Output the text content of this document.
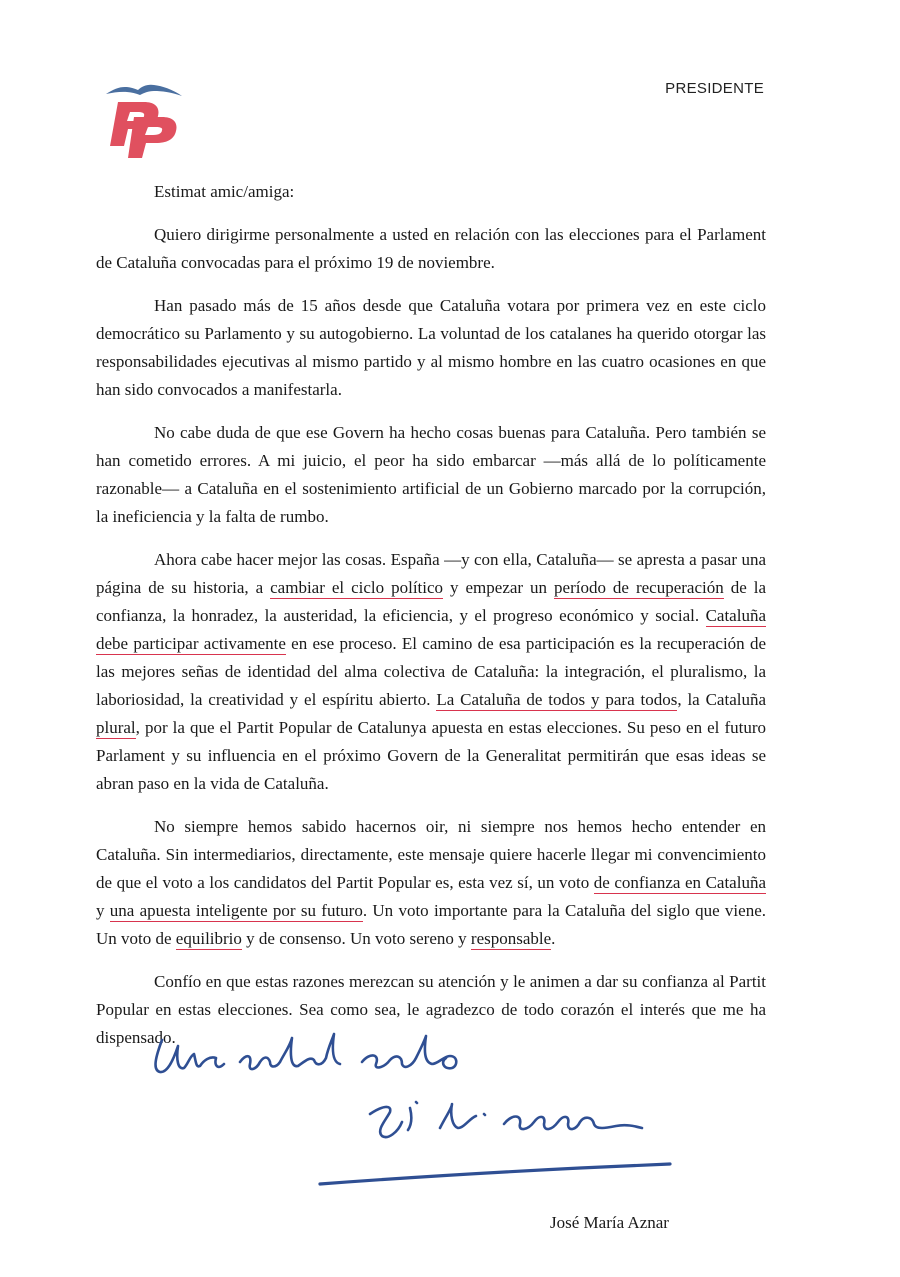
PRESIDENTE

Estimat amic/amiga:

Quiero dirigirme personalmente a usted en relación con las elecciones para el Parlament de Cataluña convocadas para el próximo 19 de noviembre.

Han pasado más de 15 años desde que Cataluña votara por primera vez en este ciclo democrático su Parlamento y su autogobierno. La voluntad de los catalanes ha querido otorgar las responsabilidades ejecutivas al mismo partido y al mismo hombre en las cuatro ocasiones en que han sido convocados a manifestarla.

No cabe duda de que ese Govern ha hecho cosas buenas para Cataluña. Pero también se han cometido errores. A mi juicio, el peor ha sido embarcar —más allá de lo políticamente razonable— a Cataluña en el sostenimiento artificial de un Gobierno marcado por la corrupción, la ineficiencia y la falta de rumbo.

Ahora cabe hacer mejor las cosas. España —y con ella, Cataluña— se apresta a pasar una página de su historia, a cambiar el ciclo político y empezar un período de recuperación de la confianza, la honradez, la austeridad, la eficiencia, y el progreso económico y social. Cataluña debe participar activamente en ese proceso. El camino de esa participación es la recuperación de las mejores señas de identidad del alma colectiva de Cataluña: la integración, el pluralismo, la laboriosidad, la creatividad y el espíritu abierto. La Cataluña de todos y para todos, la Cataluña plural, por la que el Partit Popular de Catalunya apuesta en estas elecciones. Su peso en el futuro Parlament y su influencia en el próximo Govern de la Generalitat permitirán que esas ideas se abran paso en la vida de Cataluña.

No siempre hemos sabido hacernos oir, ni siempre nos hemos hecho entender en Cataluña. Sin intermediarios, directamente, este mensaje quiere hacerle llegar mi convencimiento de que el voto a los candidatos del Partit Popular es, esta vez sí, un voto de confianza en Cataluña y una apuesta inteligente por su futuro. Un voto importante para la Cataluña del siglo que viene. Un voto de equilibrio y de consenso. Un voto sereno y responsable.

Confío en que estas razones merezcan su atención y le animen a dar su confianza al Partit Popular en estas elecciones. Sea como sea, le agradezco de todo corazón el interés que me ha dispensado.

José María Aznar
